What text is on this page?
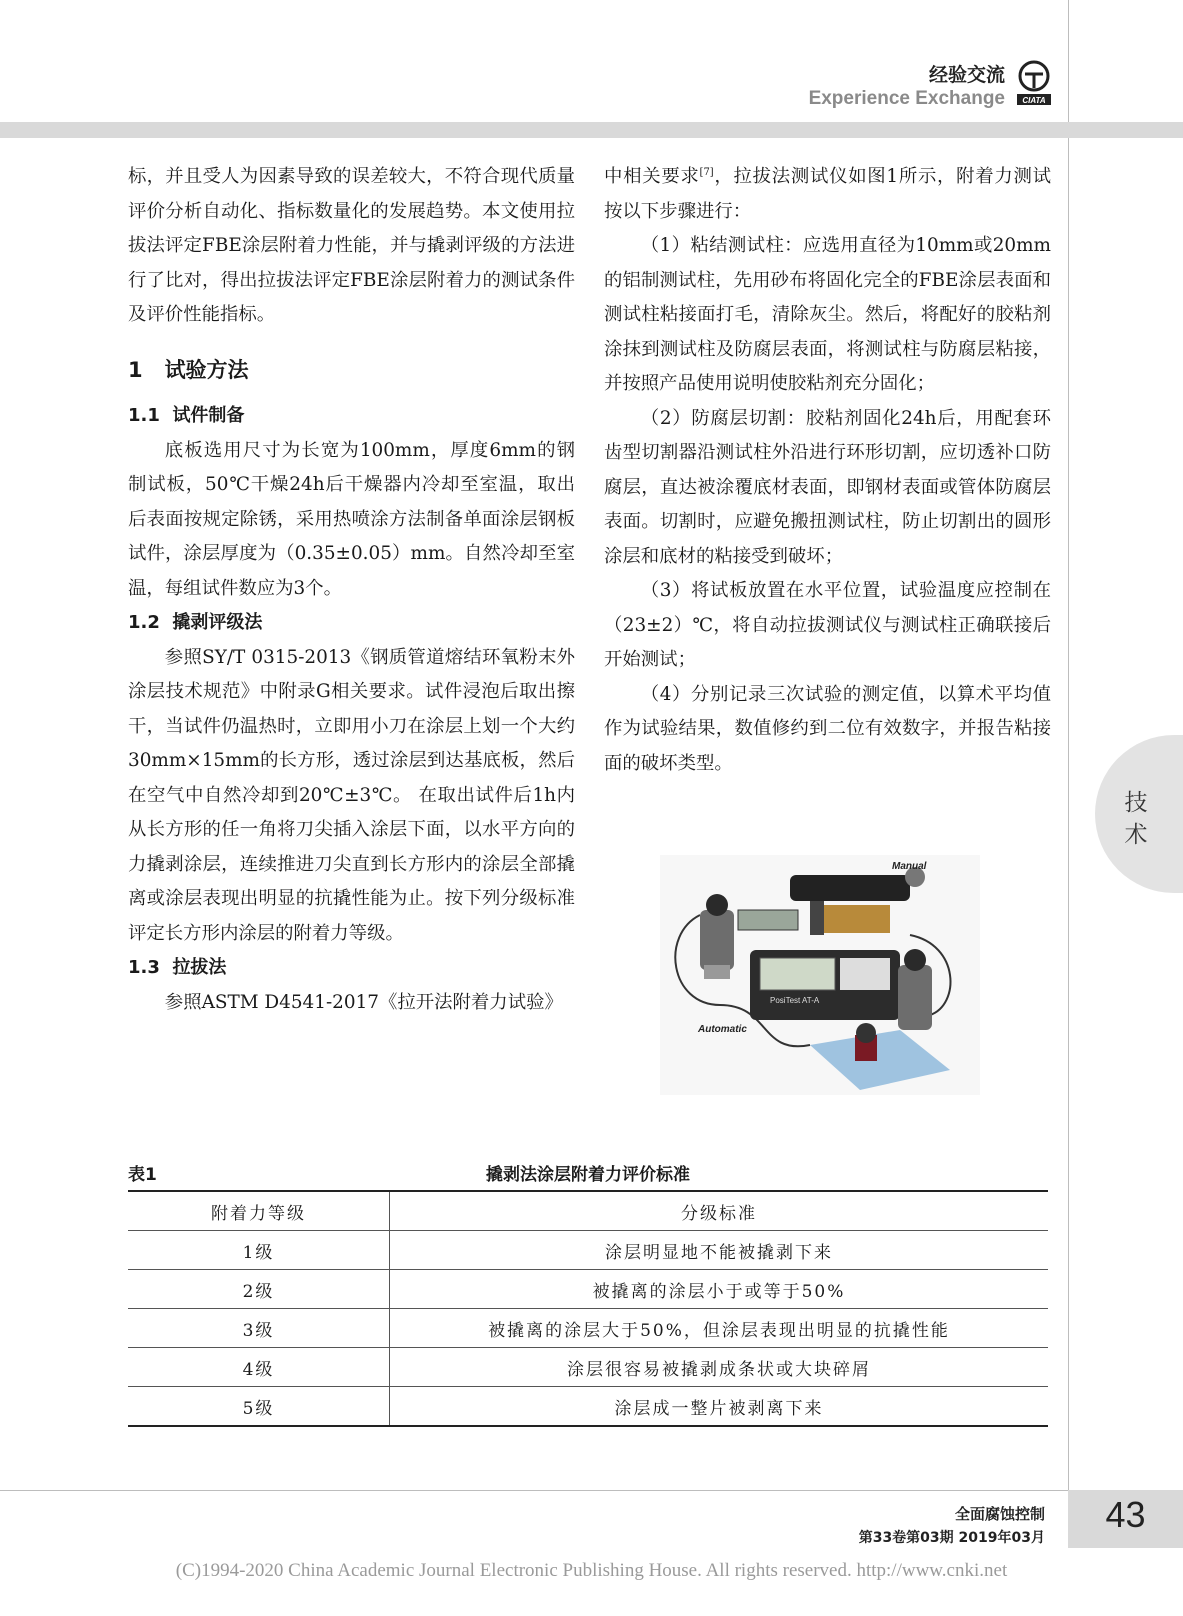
经验交流
Experience Exchange CIATA

标，并且受人为因素导致的误差较大，不符合现代质量评价分析自动化、指标数量化的发展趋势。本文使用拉拔法评定FBE涂层附着力性能，并与撬剥评级的方法进行了比对，得出拉拔法评定FBE涂层附着力的测试条件及评价性能指标。

1 试验方法

1.1 试件制备

底板选用尺寸为长宽为100mm，厚度6mm的钢制试板，50℃干燥24h后干燥器内冷却至室温，取出后表面按规定除锈，采用热喷涂方法制备单面涂层钢板试件，涂层厚度为（0.35±0.05）mm。自然冷却至室温，每组试件数应为3个。

1.2 撬剥评级法

参照SY/T 0315-2013《钢质管道熔结环氧粉末外涂层技术规范》中附录G相关要求。试件浸泡后取出擦干，当试件仍温热时，立即用小刀在涂层上划一个大约30mm×15mm的长方形，透过涂层到达基底板，然后在空气中自然冷却到20℃±3℃。 在取出试件后1h内从长方形的任一角将刀尖插入涂层下面，以水平方向的力撬剥涂层，连续推进刀尖直到长方形内的涂层全部撬离或涂层表现出明显的抗撬性能为止。按下列分级标准评定长方形内涂层的附着力等级。

1.3 拉拔法

参照ASTM D4541-2017《拉开法附着力试验》

中相关要求[7]，拉拔法测试仪如图1所示，附着力测试按以下步骤进行：

（1）粘结测试柱：应选用直径为10mm或20mm的铝制测试柱，先用砂布将固化完全的FBE涂层表面和测试柱粘接面打毛，清除灰尘。然后，将配好的胶粘剂涂抹到测试柱及防腐层表面，将测试柱与防腐层粘接，并按照产品使用说明使胶粘剂充分固化；

（2）防腐层切割：胶粘剂固化24h后，用配套环齿型切割器沿测试柱外沿进行环形切割，应切透补口防腐层，直达被涂覆底材表面，即钢材表面或管体防腐层表面。切割时，应避免搬扭测试柱，防止切割出的圆形涂层和底材的粘接受到破坏；

（3）将试板放置在水平位置，试验温度应控制在（23±2）℃，将自动拉拔测试仪与测试柱正确联接后开始测试；

（4）分别记录三次试验的测定值，以算术平均值作为试验结果，数值修约到二位有效数字，并报告粘接面的破坏类型。

技术
PosiTest AT-A
Manual
Automatic
表1	撬剥法涂层附着力评价标准
附着力等级	分级标准
1级	涂层明显地不能被撬剥下来
2级	被撬离的涂层小于或等于50%
3级	被撬离的涂层大于50%，但涂层表现出明显的抗撬性能
4级	涂层很容易被撬剥成条状或大块碎屑
5级	涂层成一整片被剥离下来
43
全面腐蚀控制
第33卷第03期 2019年03月
(C)1994-2020 China Academic Journal Electronic Publishing House. All rights reserved. http://www.cnki.net
